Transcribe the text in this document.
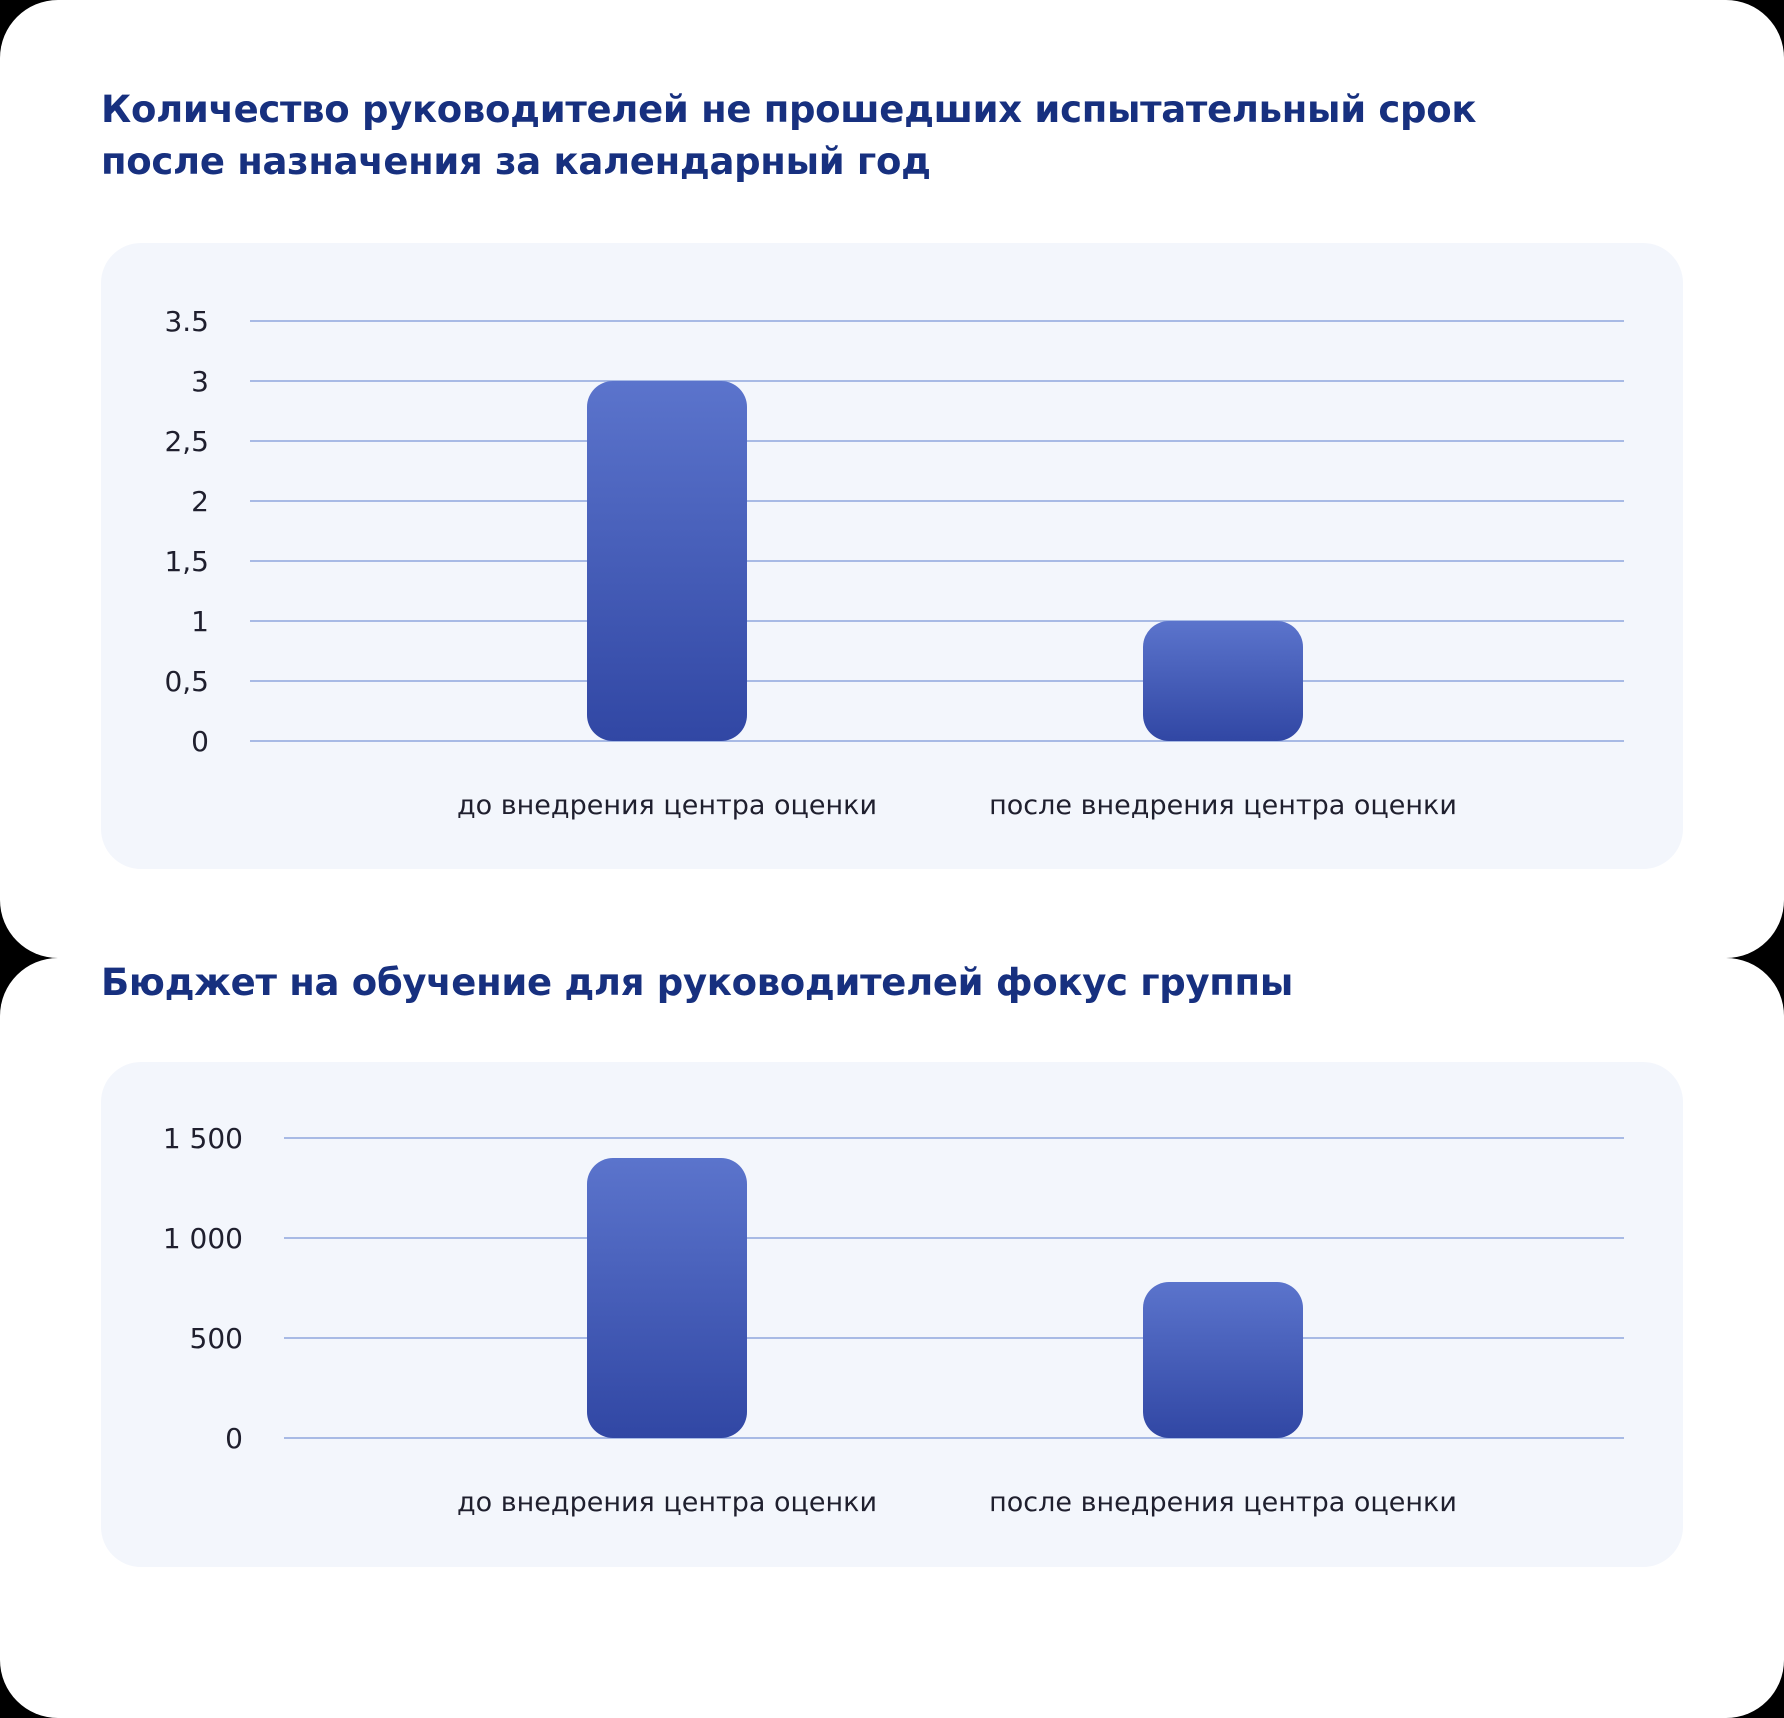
Количество руководителей не прошедших испытательный срок
после назначения за календарный год
0
0,5
1
1,5
2
2,5
3
3.5
до внедрения центра оценки	после внедрения центра оценки
Бюджет на обучение для руководителей фокус группы
0
500
1 000
1 500
до внедрения центра оценки	после внедрения центра оценки
